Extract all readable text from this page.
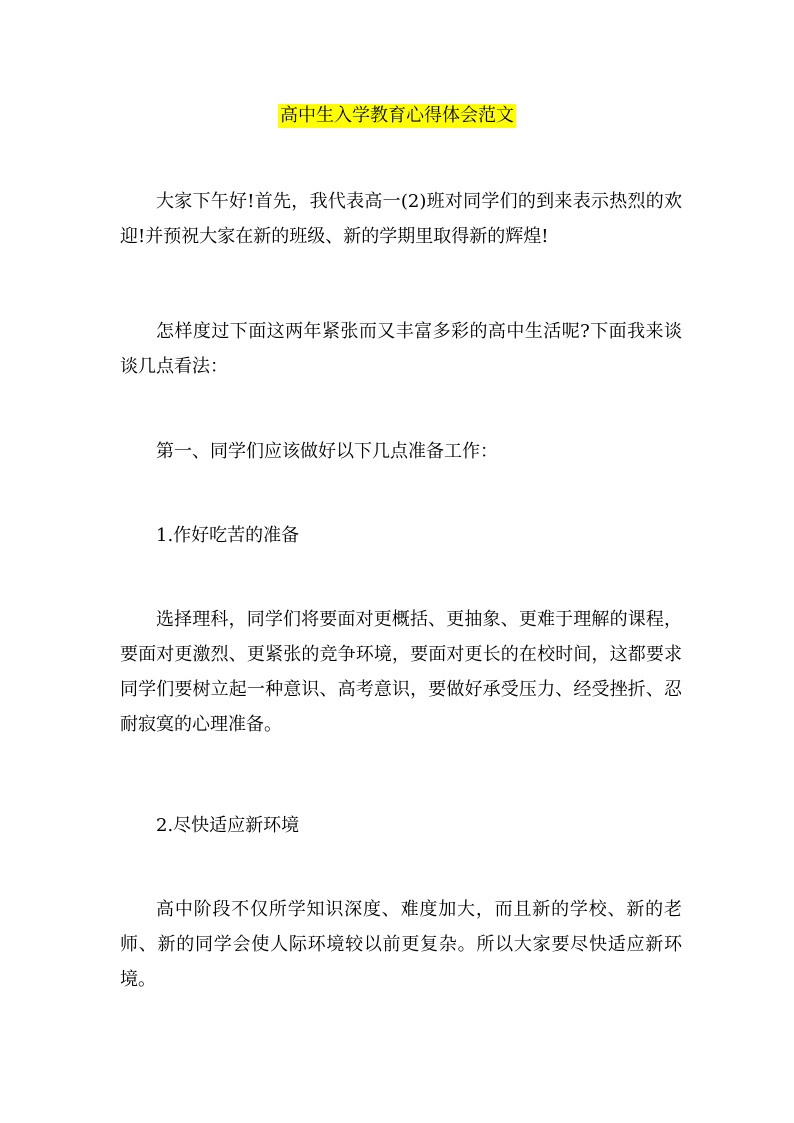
高中生入学教育心得体会范文

大家下午好!首先，我代表高一(2)班对同学们的到来表示热烈的欢迎!并预祝大家在新的班级、新的学期里取得新的辉煌!

怎样度过下面这两年紧张而又丰富多彩的高中生活呢?下面我来谈谈几点看法：

第一、同学们应该做好以下几点准备工作：

1.作好吃苦的准备

选择理科，同学们将要面对更概括、更抽象、更难于理解的课程，要面对更激烈、更紧张的竞争环境，要面对更长的在校时间，这都要求同学们要树立起一种意识、高考意识，要做好承受压力、经受挫折、忍耐寂寞的心理准备。

2.尽快适应新环境

高中阶段不仅所学知识深度、难度加大，而且新的学校、新的老师、新的同学会使人际环境较以前更复杂。所以大家要尽快适应新环境。
